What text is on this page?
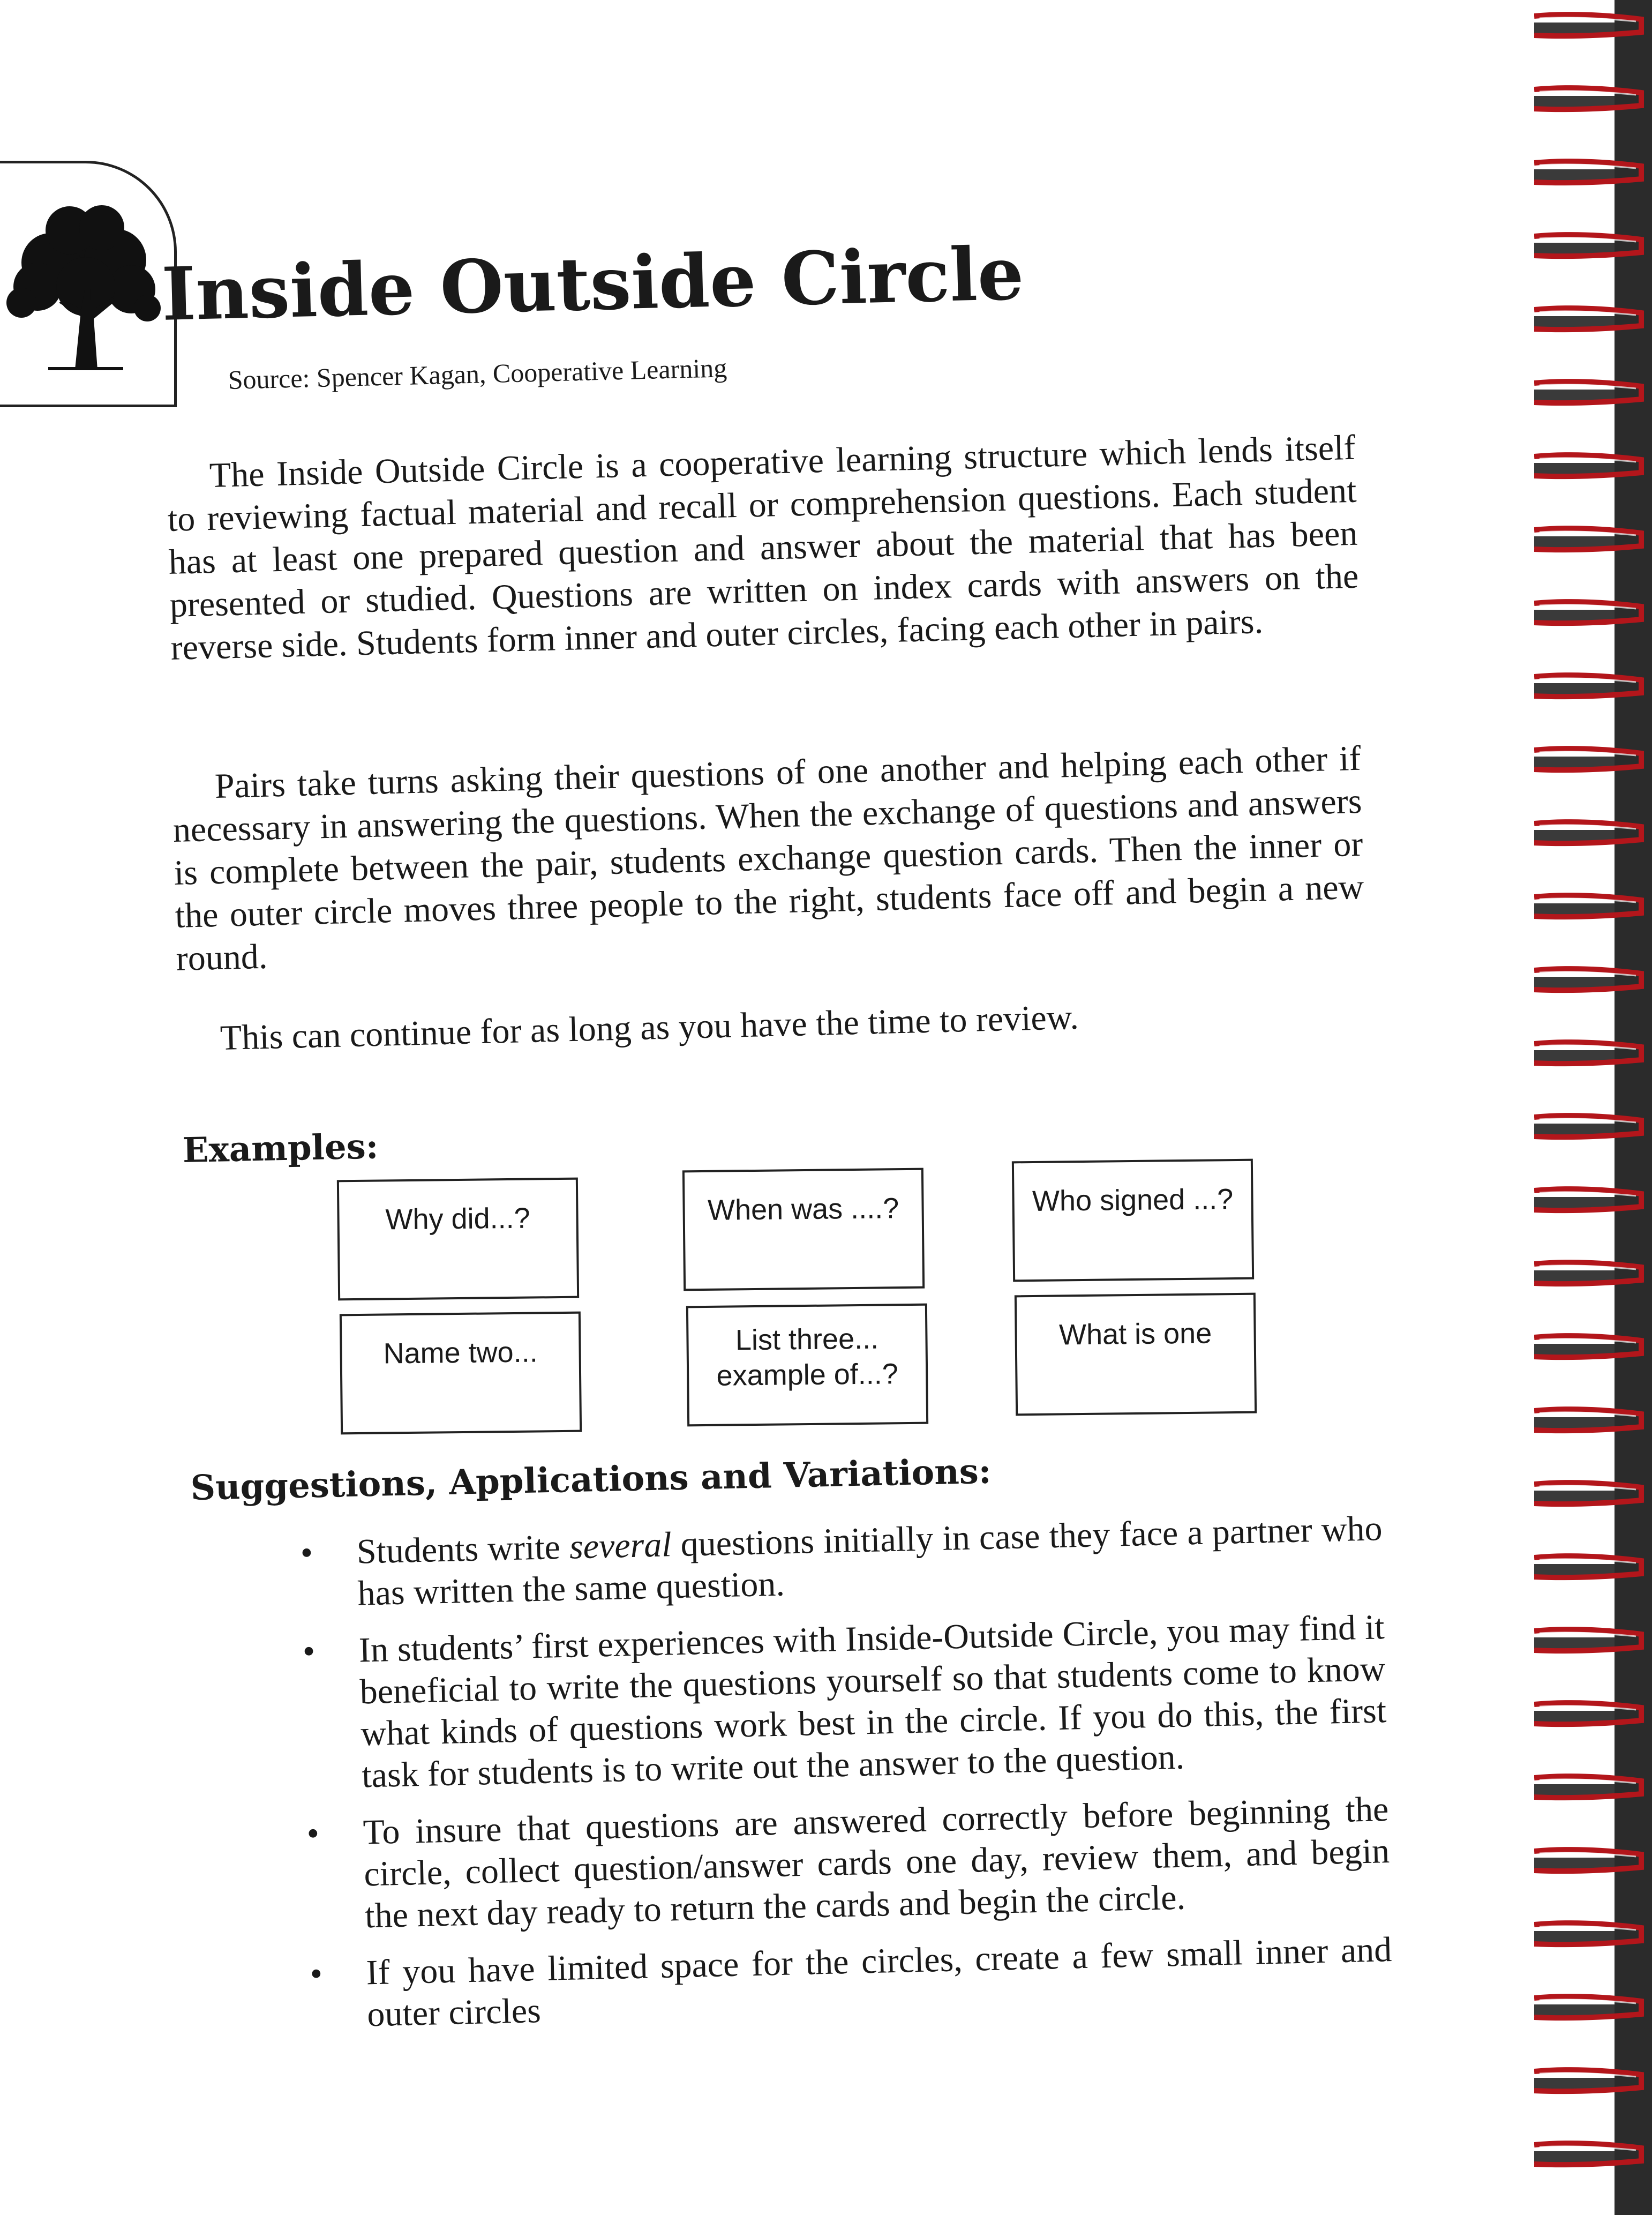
Inside Outside Circle
Source: Spencer Kagan, Cooperative Learning

The Inside Outside Circle is a cooperative learning structure which lends itself to reviewing factual material and recall or comprehension questions. Each student has at least one prepared question and answer about the material that has been presented or studied. Questions are written on index cards with answers on the reverse side. Students form inner and outer circles, facing each other in pairs.

Pairs take turns asking their questions of one another and helping each other if necessary in answering the questions. When the exchange of questions and answers is complete between the pair, students exchange question cards. Then the inner or the outer circle moves three people to the right, students face off and begin a new round.

This can continue for as long as you have the time to review.

Examples:
Why did...?	When was ....?	Who signed ...?
Name two...	List three... example of...?
What is one
Suggestions, Applications and Variations:
• Students write several questions initially in case they face a partner who has written the same question.
• In students’ first experiences with Inside-Outside Circle, you may find it beneficial to write the questions yourself so that students come to know what kinds of questions work best in the circle. If you do this, the first task for students is to write out the answer to the question.
• To insure that questions are answered correctly before beginning the circle, collect question/answer cards one day, review them, and begin the next day ready to return the cards and begin the circle.
• If you have limited space for the circles, create a few small inner and outer circles
